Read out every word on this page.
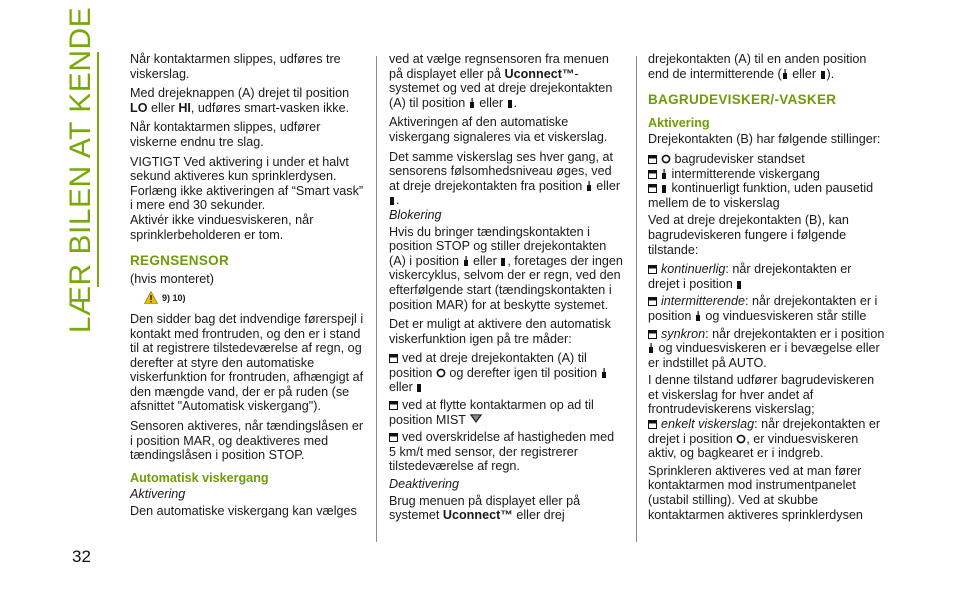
LÆR BILEN AT KENDE
32

Når kontaktarmen slippes, udføres tre viskerslag.

Med drejeknappen (A) drejet til position LO eller HI, udføres smart-vasken ikke.

Når kontaktarmen slippes, udfører viskerne endnu tre slag.

VIGTIGT Ved aktivering i under et halvt sekund aktiveres kun sprinklerdysen. Forlæng ikke aktiveringen af “Smart vask” i mere end 30 sekunder.

Aktivér ikke vinduesviskeren, når sprinklerbeholderen er tom.

REGNSENSOR

(hvis monteret)

9) 10)

Den sidder bag det indvendige førerspejl i kontakt med frontruden, og den er i stand til at registrere tilstedeværelse af regn, og derefter at styre den automatiske viskerfunktion for frontruden, afhængigt af den mængde vand, der er på ruden (se afsnittet "Automatisk viskergang").

Sensoren aktiveres, når tændingslåsen er i position MAR, og deaktiveres med tændingslåsen i position STOP.

Automatisk viskergang
Aktivering

Den automatiske viskergang kan vælges

ved at vælge regnsensoren fra menuen på displayet eller på Uconnect™-systemet og ved at dreje drejekontakten (A) til position eller .

Aktiveringen af den automatiske viskergang signaleres via et viskerslag.

Det samme viskerslag ses hver gang, at sensorens følsomhedsniveau øges, ved at dreje drejekontakten fra position eller .

Blokering

Hvis du bringer tændingskontakten i position STOP og stiller drejekontakten (A) i position eller , foretages der ingen viskercyklus, selvom der er regn, ved den efterfølgende start (tændingskontakten i position MAR) for at beskytte systemet.

Det er muligt at aktivere den automatisk viskerfunktion igen på tre måder:

ved at dreje drejekontakten (A) til position og derefter igen til position
eller
ved at flytte kontaktarmen op ad til position MIST
ved overskridelse af hastigheden med 5 km/t med sensor, der registrerer tilstedeværelse af regn.
Deaktivering

Brug menuen på displayet eller på systemet Uconnect™ eller drej

drejekontakten (A) til en anden position end de intermitterende ( eller ).

BAGRUDEVISKER/-VASKER
Aktivering

Drejekontakten (B) har følgende stillinger:

bagrudevisker standset
intermitterende viskergang
kontinuerligt funktion, uden pausetid mellem de to viskerslag

Ved at dreje drejekontakten (B), kan bagrudeviskeren fungere i følgende tilstande:

kontinuerlig: når drejekontakten er drejet i position
intermitterende: når drejekontakten er i position og vinduesviskeren står stille
synkron: når drejekontakten er i position  og vinduesviskeren er i bevægelse eller er indstillet på AUTO.

I denne tilstand udfører bagrudeviskeren et viskerslag for hver andet af frontrudeviskerens viskerslag;

enkelt viskerslag: når drejekontakten er drejet i position , er vinduesviskeren aktiv, og bagkearet er i indgreb.

Sprinkleren aktiveres ved at man fører kontaktarmen mod instrumentpanelet (ustabil stilling). Ved at skubbe kontaktarmen aktiveres sprinklerdysen
